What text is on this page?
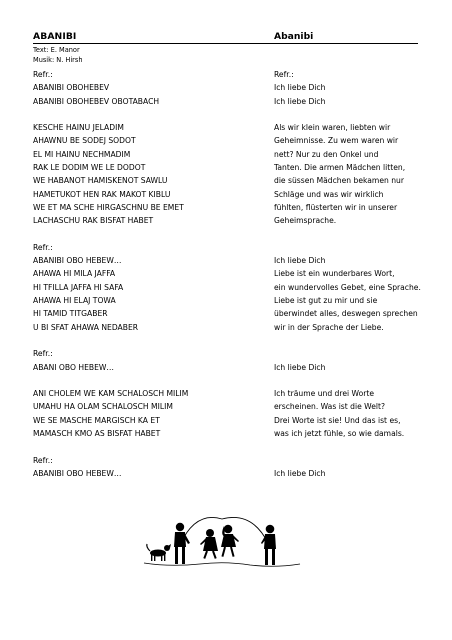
ABANIBI	Abanibi
Text: E. Manor
Musik: N. Hirsh
Refr.:
ABANIBI OBOHEBEV
ABANIBI OBOHEBEV OBOTABACH
KESCHE HAINU JELADIM
AHAWNU BE SODEJ SODOT
EL MI HAINU NECHMADIM
RAK LE DODIM WE LE DODOT
WE HABANOT HAMISKENOT SAWLU
HAMETUKOT HEN RAK MAKOT KIBLU
WE ET MA SCHE HIRGASCHNU BE EMET
LACHASCHU RAK BISFAT HABET
Refr.:
ABANIBI OBO HEBEW…
AHAWA HI MILA JAFFA
HI TFILLA JAFFA HI SAFA
AHAWA HI ELAJ TOWA
HI TAMID TITGABER
U BI SFAT AHAWA NEDABER
Refr.:
ABANI OBO HEBEW…
ANI CHOLEM WE KAM SCHALOSCH MILIM
UMAHU HA OLAM SCHALOSCH MILIM
WE SE MASCHE MARGISCH KA ET
MAMASCH KMO AS BISFAT HABET
Refr.:
ABANIBI OBO HEBEW…
Refr.:
Ich liebe Dich
Ich liebe Dich
Als wir klein waren, liebten wir
Geheimnisse. Zu wem waren wir
nett? Nur zu den Onkel und
Tanten. Die armen Mädchen litten,
die süssen Mädchen bekamen nur
Schläge und was wir wirklich
fühlten, flüsterten wir in unserer
Geheimsprache.
Ich liebe Dich
Liebe ist ein wunderbares Wort,
ein wundervolles Gebet, eine Sprache.
Liebe ist gut zu mir und sie
überwindet alles, deswegen sprechen
wir in der Sprache der Liebe.
Ich liebe Dich
Ich träume und drei Worte
erscheinen. Was ist die Welt?
Drei Worte ist sie! Und das ist es,
was ich jetzt fühle, so wie damals.
Ich liebe Dich
